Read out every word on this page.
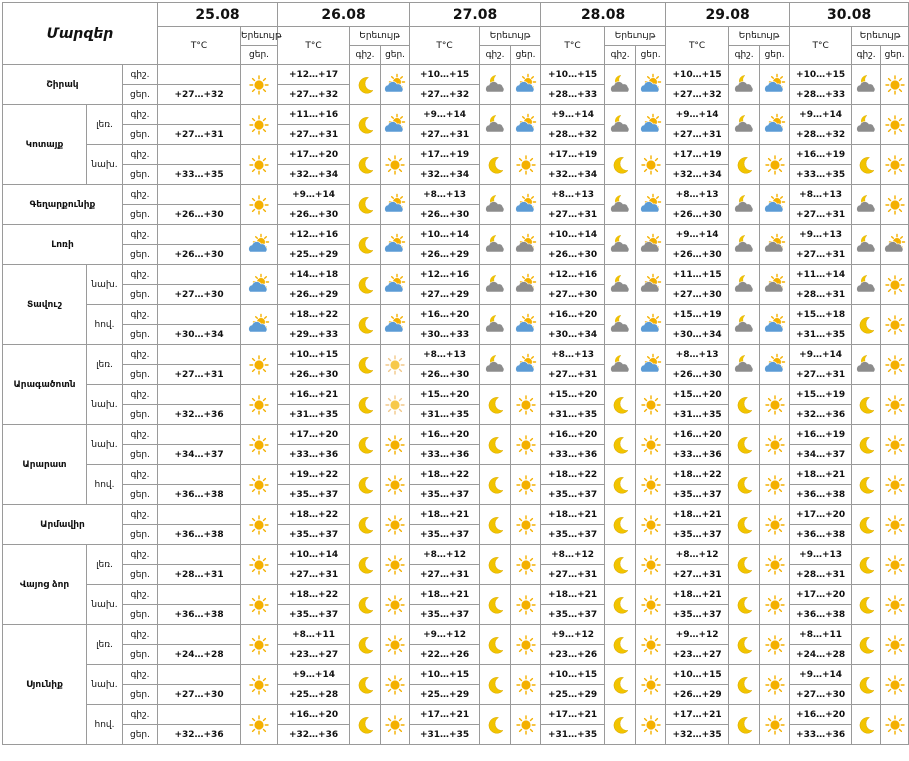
Մարզեր			25.08		26.08			27.08			28.08			29.08			30.08		
			T°C	Երեւույթ	T°C	Երեւույթ		T°C	Երեւույթ		T°C	Երեւույթ		T°C	Երեւույթ		T°C	Երեւույթ	
				ցեր.		գիշ.	ցեր.		գիշ.	ցեր.		գիշ.	ցեր.		գիշ.	ցեր.		գիշ.	ցեր.
Շիրակ		գիշ.			+12…+17			+10…+15			+10…+15			+10…+15			+10…+15	

		ցեր.	+27…+32		+27…+32			+27…+32			+28…+33			+27…+32			+28…+33		
Կոտայք	լեռ.	գիշ.			+11…+16			+9…+14			+9…+14			+9…+14			+9…+14	

		ցեր.	+27…+31		+27…+31			+27…+31			+28…+32			+27…+31			+28…+32		
	նախ.	գիշ.			+17…+20			+17…+19			+17…+19			+17…+19			+16…+19	

		ցեր.	+33…+35		+32…+34			+32…+34			+32…+34			+32…+34			+33…+35		
Գեղարքունիք		գիշ.			+9…+14			+8…+13			+8…+13			+8…+13			+8…+13	

		ցեր.	+26…+30		+26…+30			+26…+30			+27…+31			+26…+30			+27…+31		
Լոռի		գիշ.			+12…+16			+10…+14			+10…+14			+9…+14			+9…+13	

		ցեր.	+26…+30		+25…+29			+26…+29			+26…+30			+26…+30			+27…+31		
Տավուշ	նախ.	գիշ.			+14…+18			+12…+16			+12…+16			+11…+15			+11…+14	

		ցեր.	+27…+30		+26…+29			+27…+29			+27…+30			+27…+30			+28…+31		
	հով.	գիշ.			+18…+22			+16…+20			+16…+20			+15…+19			+15…+18	

		ցեր.	+30…+34		+29…+33			+30…+33			+30…+34			+30…+34			+31…+35		
Արագածոտն	լեռ.	գիշ.			+10…+15			+8…+13			+8…+13			+8…+13			+9…+14	

		ցեր.	+27…+31		+26…+30			+26…+30			+27…+31			+26…+30			+27…+31		
	նախ.	գիշ.			+16…+21			+15…+20			+15…+20			+15…+20			+15…+19	

		ցեր.	+32…+36		+31…+35			+31…+35			+31…+35			+31…+35			+32…+36		
Արարատ	նախ.	գիշ.			+17…+20			+16…+20			+16…+20			+16…+20			+16…+19	

		ցեր.	+34…+37		+33…+36			+33…+36			+33…+36			+33…+36			+34…+37		
	հով.	գիշ.			+19…+22			+18…+22			+18…+22			+18…+22			+18…+21	

		ցեր.	+36…+38		+35…+37			+35…+37			+35…+37			+35…+37			+36…+38		
Արմավիր		գիշ.			+18…+22			+18…+21			+18…+21			+18…+21			+17…+20	

		ցեր.	+36…+38		+35…+37			+35…+37			+35…+37			+35…+37			+36…+38		
Վայոց ձոր	լեռ.	գիշ.			+10…+14			+8…+12			+8…+12			+8…+12			+9…+13	

		ցեր.	+28…+31		+27…+31			+27…+31			+27…+31			+27…+31			+28…+31		
	նախ.	գիշ.			+18…+22			+18…+21			+18…+21			+18…+21			+17…+20	

		ցեր.	+36…+38		+35…+37			+35…+37			+35…+37			+35…+37			+36…+38		
Սյունիք	լեռ.	գիշ.			+8…+11			+9…+12			+9…+12			+9…+12			+8…+11	

		ցեր.	+24…+28		+23…+27			+22…+26			+23…+26			+23…+27			+24…+28		
	նախ.	գիշ.			+9…+14			+10…+15			+10…+15			+10…+15			+9…+14	

		ցեր.	+27…+30		+25…+28			+25…+29			+25…+29			+26…+29			+27…+30		
	հով.	գիշ.			+16…+20			+17…+21			+17…+21			+17…+21			+16…+20	

		ցեր.	+32…+36		+32…+36			+31…+35			+31…+35			+32…+35			+33…+36		
